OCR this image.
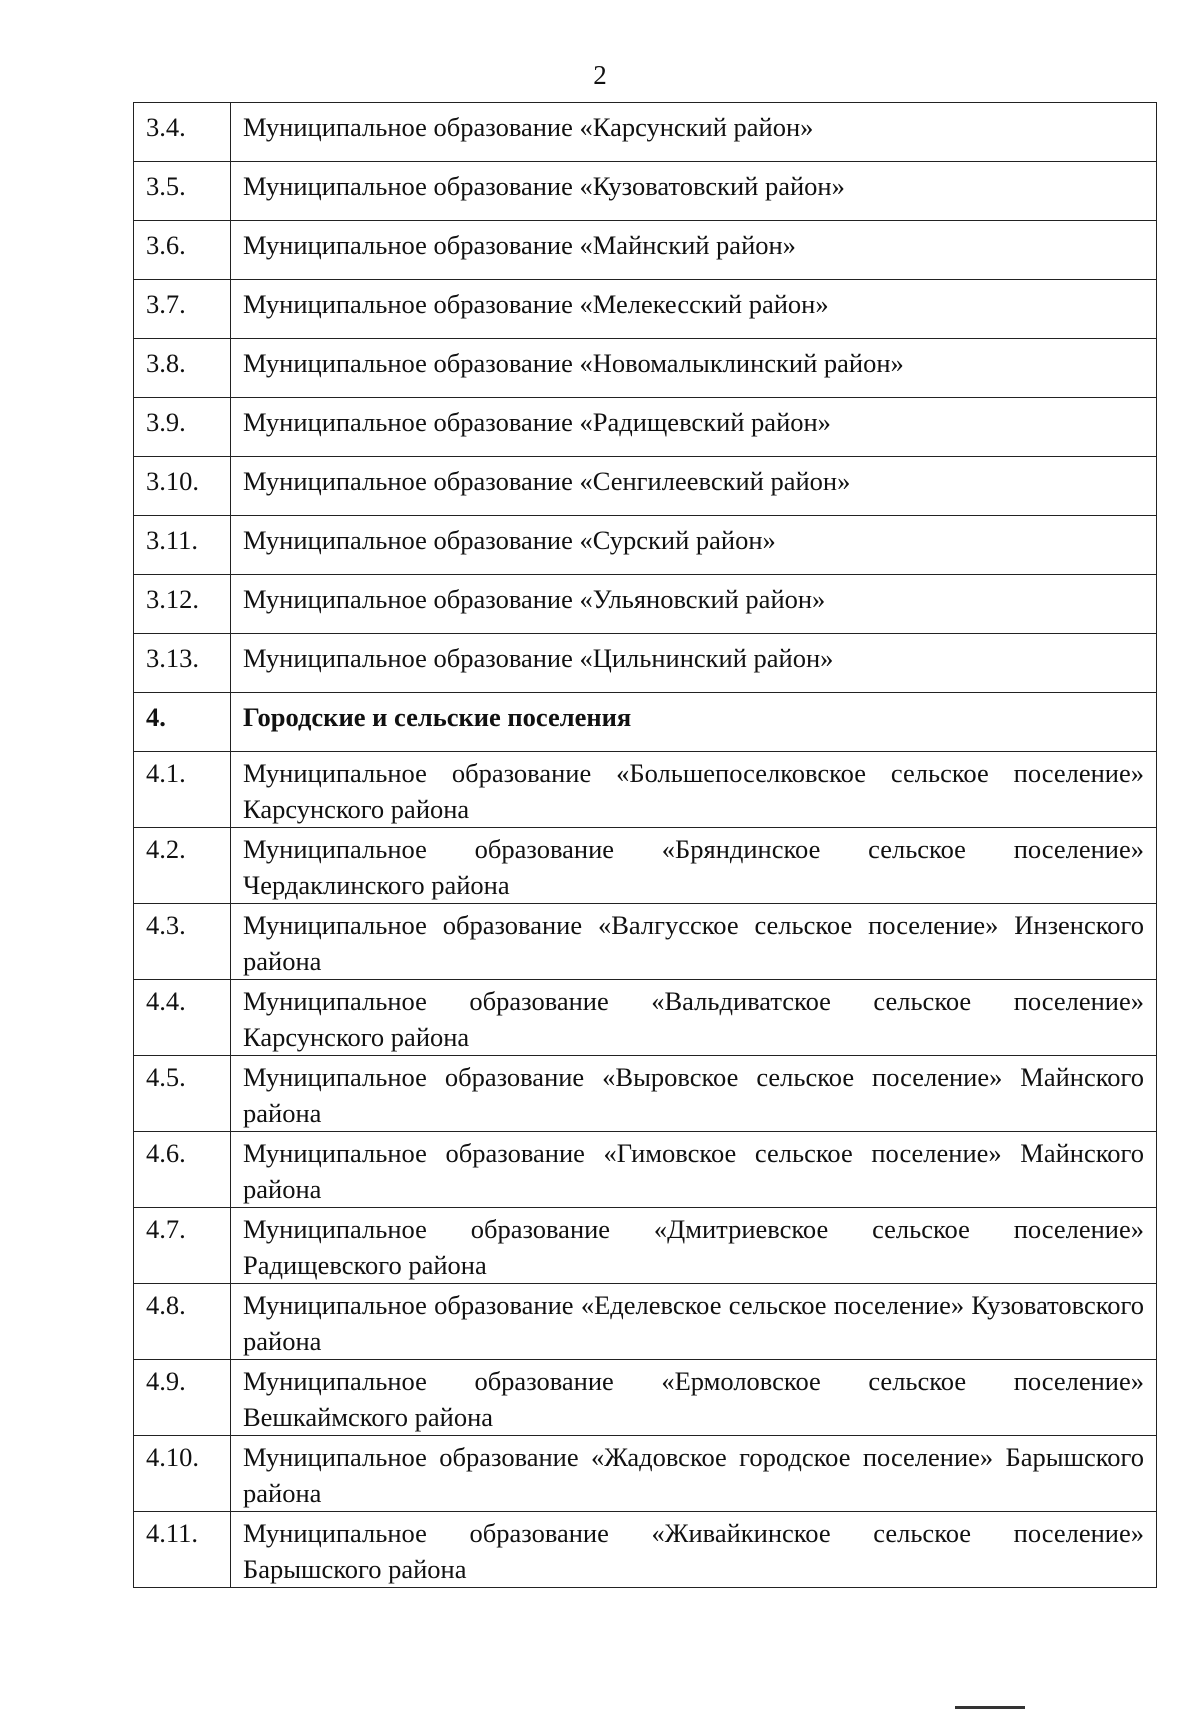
2
3.4.	Муниципальное образование «Карсунский район»
3.5.	Муниципальное образование «Кузоватовский район»
3.6.	Муниципальное образование «Майнский район»
3.7.	Муниципальное образование «Мелекесский район»
3.8.	Муниципальное образование «Новомалыклинский район»
3.9.	Муниципальное образование «Радищевский район»
3.10.	Муниципальное образование «Сенгилеевский район»
3.11.	Муниципальное образование «Сурский район»
3.12.	Муниципальное образование «Ульяновский район»
3.13.	Муниципальное образование «Цильнинский район»
4.	Городские и сельские поселения
4.1.	Муниципальное образование «Большепоселковское сельское поселение» Карсунского района
4.2.	Муниципальное образование «Бряндинское сельское поселение» Чердаклинского района
4.3.	Муниципальное образование «Валгусское сельское поселение» Инзенского района
4.4.	Муниципальное образование «Вальдиватское сельское поселение» Карсунского района
4.5.	Муниципальное образование «Выровское сельское поселение» Майнского района
4.6.	Муниципальное образование «Гимовское сельское поселение» Майнского района
4.7.	Муниципальное образование «Дмитриевское сельское поселение» Радищевского района
4.8.	Муниципальное образование «Еделевское сельское поселение» Кузоватовского района
4.9.	Муниципальное образование «Ермоловское сельское поселение» Вешкаймского района
4.10.	Муниципальное образование «Жадовское городское поселение» Барышского района
4.11.	Муниципальное образование «Живайкинское сельское поселение» Барышского района
